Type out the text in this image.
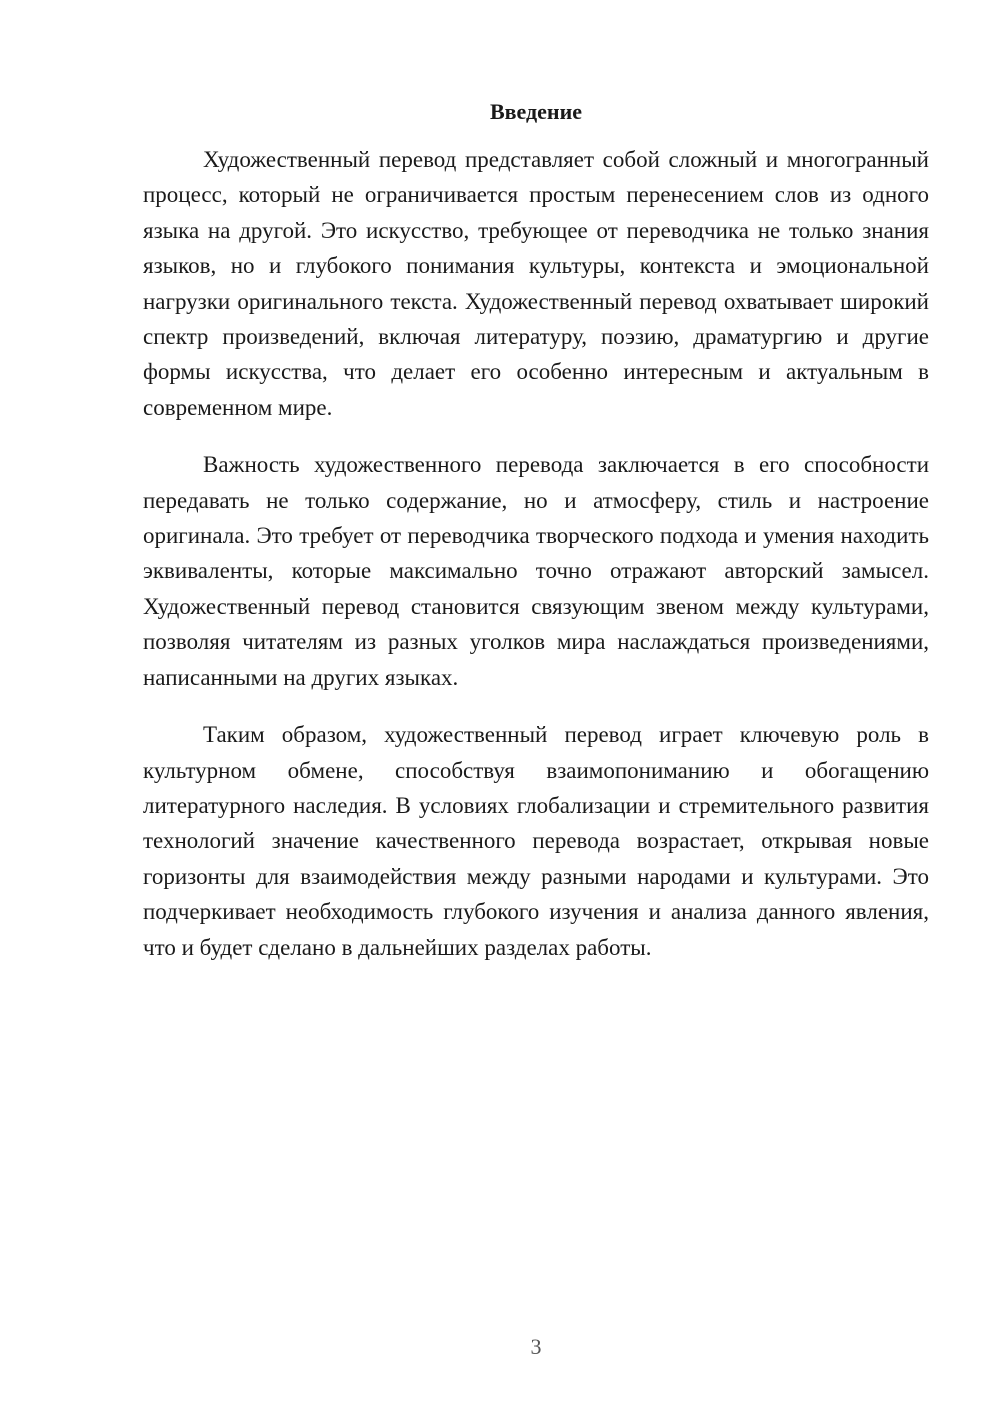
Введение

Художественный перевод представляет собой сложный и многогранный процесс, который не ограничивается простым перенесением слов из одного языка на другой. Это искусство, требующее от переводчика не только знания языков, но и глубокого понимания культуры, контекста и эмоциональной нагрузки оригинального текста. Художественный перевод охватывает широкий спектр произведений, включая литературу, поэзию, драматургию и другие формы искусства, что делает его особенно интересным и актуальным в современном мире.

Важность художественного перевода заключается в его способности передавать не только содержание, но и атмосферу, стиль и настроение оригинала. Это требует от переводчика творческого подхода и умения находить эквиваленты, которые максимально точно отражают авторский замысел. Художественный перевод становится связующим звеном между культурами, позволяя читателям из разных уголков мира наслаждаться произведениями, написанными на других языках.

Таким образом, художественный перевод играет ключевую роль в культурном обмене, способствуя взаимопониманию и обогащению литературного наследия. В условиях глобализации и стремительного развития технологий значение качественного перевода возрастает, открывая новые горизонты для взаимодействия между разными народами и культурами. Это подчеркивает необходимость глубокого изучения и анализа данного явления, что и будет сделано в дальнейших разделах работы.

3
